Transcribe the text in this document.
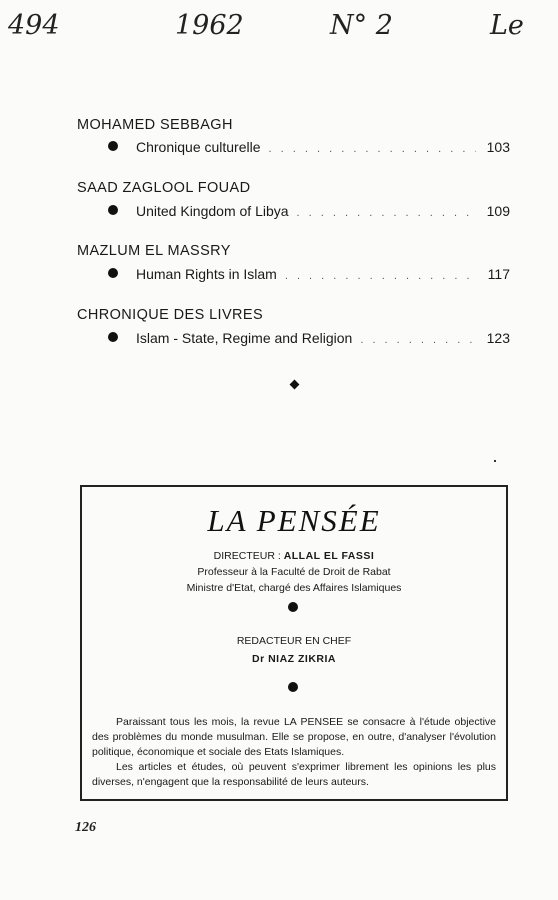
494	1962	N° 2	Le
MOHAMED SEBBAGH
Chronique culturelle . . .	103
SAAD ZAGLOOL FOUAD
United Kingdom of Libya . . .	109
MAZLUM EL MASSRY
Human Rights in Islam . . .	117
CHRONIQUE DES LIVRES
Islam - State, Regime and Religion . . .	123
LA PENSÉE
DIRECTEUR : ALLAL EL FASSI
Professeur à la Faculté de Droit de Rabat
Ministre d'Etat, chargé des Affaires Islamiques
REDACTEUR EN CHEF
Dr NIAZ ZIKRIA

Paraissant tous les mois, la revue LA PENSEE se consacre à l'étude objective des problèmes du monde musulman. Elle se propose, en outre, d'analyser l'évolution politique, économique et sociale des Etats Islamiques.

Les articles et études, où peuvent s'exprimer librement les opinions les plus diverses, n'engagent que la responsabilité de leurs auteurs.

126
